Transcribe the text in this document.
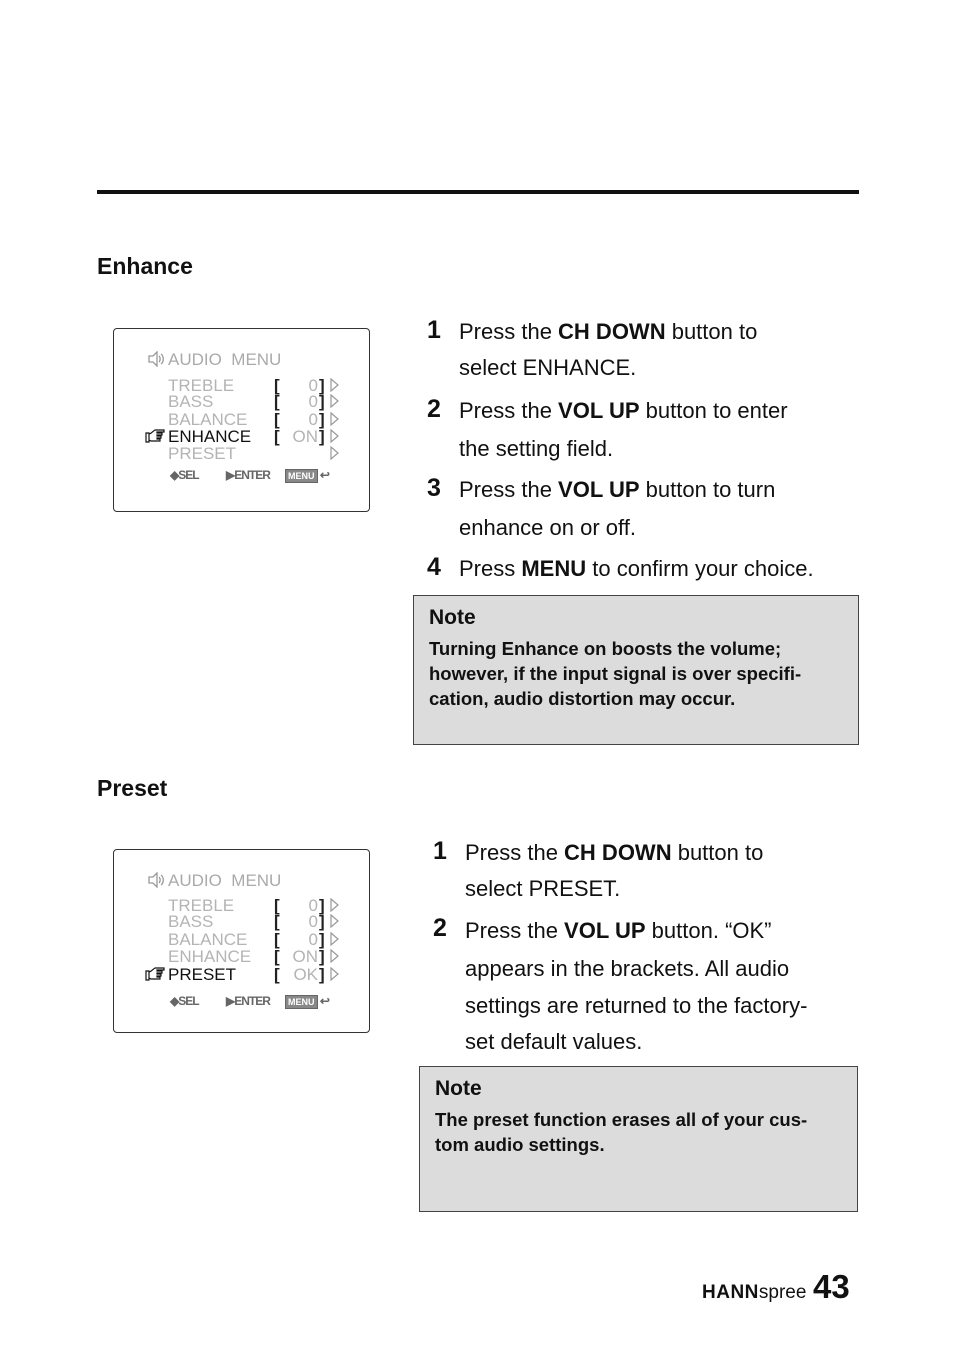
Enhance
AUDIO  MENU
TREBLE [	0 ]
BASS	[	0 ]
BALANCE [	0 ]
ENHANCE [ ON ]
PRESET
◆SEL ▶ENTER	MENU ↩
1 Press the CH DOWN button to
select ENHANCE.
2 Press the VOL UP button to enter
the setting field.
3 Press the VOL UP button to turn
enhance on or off.
4 Press MENU to confirm your choice.
Note
Turning Enhance on boosts the volume;
however, if the input signal is over specifi-
cation, audio distortion may occur.
Preset
AUDIO  MENU
TREBLE [	0 ]
BASS	[	0 ]
BALANCE [	0 ]
ENHANCE [ ON ]
PRESET [ OK ]
◆SEL ▶ENTER	MENU ↩
1 Press the CH DOWN button to
select PRESET.
2 Press the VOL UP button. “OK”
appears in the brackets. All audio
settings are returned to the factory-
set default values.
Note
The preset function erases all of your cus-
tom audio settings.
HANNspree 43
